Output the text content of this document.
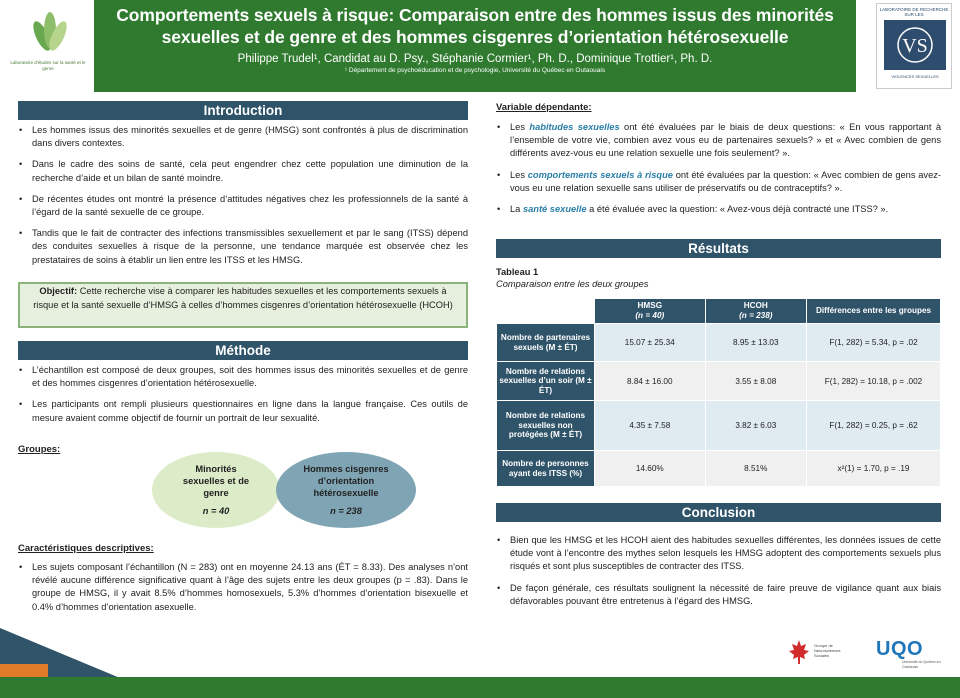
Laboratoire d'études sur la santé et le genre
Comportements sexuels à risque: Comparaison entre des hommes issus des minorités
sexuelles et de genre et des hommes cisgenres d’orientation hétérosexuelle
Philippe Trudel¹, Candidat au D. Psy., Stéphanie Cormier¹, Ph. D., Dominique Trottier¹, Ph. D.
¹ Département de psychoéducation et de psychologie, Université du Québec en Outaouais
LABORATOIRE DE RECHERCHE SUR LES
VS
VIOLENCES SEXUELLES
Introduction
• Les hommes issus des minorités sexuelles et de genre (HMSG) sont confrontés à plus de discrimination dans divers contextes.
• Dans le cadre des soins de santé, cela peut engendrer chez cette population une diminution de la recherche d’aide et un bilan de santé moindre.
• De récentes études ont montré la présence d’attitudes négatives chez les professionnels de la santé à l’égard de la santé sexuelle de ce groupe.
• Tandis que le fait de contracter des infections transmissibles sexuellement et par le sang (ITSS) dépend des conduites sexuelles à risque de la personne, une tendance marquée est observée chez les prestataires de soins à établir un lien entre les ITSS et les HMSG.
Objectif: Cette recherche vise à comparer les habitudes sexuelles et les comportements sexuels à risque et la santé sexuelle d’HMSG à celles d’hommes cisgenres d’orientation hétérosexuelle (HCOH)
Méthode
• L’échantillon est composé de deux groupes, soit des hommes issus des minorités sexuelles et de genre et des hommes cisgenres d’orientation hétérosexuelle.
• Les participants ont rempli plusieurs questionnaires en ligne dans la langue française. Ces outils de mesure avaient comme objectif de fournir un portrait de leur sexualité.
Groupes:
Minorités sexuelles et de genre
n = 40
Hommes cisgenres d’orientation hétérosexuelle
n = 238
Caractéristiques descriptives:
• Les sujets composant l’échantillon (N = 283) ont en moyenne 24.13 ans (ÉT = 8.33). Des analyses n’ont révélé aucune différence significative quant à l’âge des sujets entre les deux groupes (p = .83). Dans le groupe de HMSG, il y avait 8.5% d’hommes homosexuels, 5.3% d’hommes d’orientation bisexuelle et 0.4% d’hommes d’orientation asexuelle.
Variable dépendante:
• Les habitudes sexuelles ont été évaluées par le biais de deux questions: « En vous rapportant à l’ensemble de votre vie, combien avez vous eu de partenaires sexuels? » et « Avec combien de gens différents avez-vous eu une relation sexuelle une fois seulement? ».
• Les comportements sexuels à risque ont été évaluées par la question: « Avec combien de gens avez-vous eu une relation sexuelle sans utiliser de préservatifs ou de contraceptifs? ».
• La santé sexuelle a été évaluée avec la question: « Avez-vous déjà contracté une ITSS? ».
Résultats
Tableau 1
Comparaison entre les deux groupes
	HMSG
(n = 40)	HCOH
(n = 238)	Différences entre les groupes
Nombre de partenaires sexuels (M ± ÉT)	15.07 ± 25.34	8.95 ± 13.03	F(1, 282) = 5.34, p = .02
Nombre de relations sexuelles d’un soir (M ± ÉT)	8.84 ± 16.00	3.55 ± 8.08	F(1, 282) = 10.18, p = .002
Nombre de relations sexuelles non protégées (M ± ÉT)	4.35 ± 7.58	3.82 ± 6.03	F(1, 282) = 0.25, p = .62
Nombre de personnes ayant des ITSS (%)	14.60%	8.51%	x²(1) = 1.70, p = .19
Conclusion
• Bien que les HMSG et les HCOH aient des habitudes sexuelles différentes, les données issues de cette étude vont à l’encontre des mythes selon lesquels les HMSG adoptent des comportements sexuels plus risqués et sont plus susceptibles de contracter des ITSS.
• De façon générale, ces résultats soulignent la nécessité de faire preuve de vigilance quant aux biais défavorables pouvant être entretenus à l’égard des HMSG.
Groupe de Neurosciences Sociales	UQO
Université du Québec en Outaouais
